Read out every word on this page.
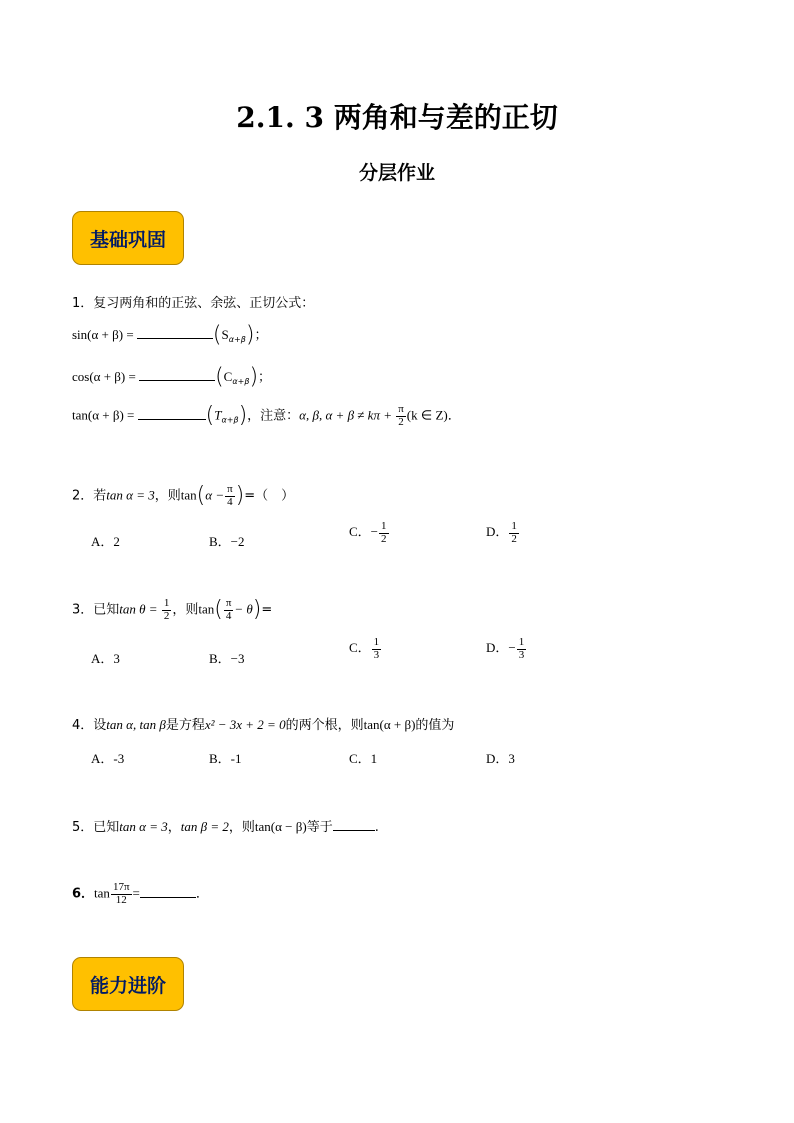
2.1. 3 两角和与差的正切
分层作业
基础巩固
1．复习两角和的正弦、余弦、正切公式：
sin(α + β) =	$(S_{\alpha+\beta})$；
cos(α + β) =	$(C_{\alpha+\beta})$；
tan(α + β) =	$(T_{\alpha+\beta})$，注意：α, β, $\alpha + \beta \ne k\pi + \frac{\pi}{2} (k$ ∈ Z)．
2．若tan α = 3，则$\tan(\alpha - \frac{\pi}{4}$ )=（　）
A．2	B．−2
C．− $\frac{1}{2}$	D． $\frac{1}{2}$
3．已知$\tan \theta = \frac{1}{2}$ ，则$\tan( \frac{\pi}{4} - \theta)=$
A．3	B．−3
C． $\frac{1}{3}$	D．− $\frac{1}{3}$
4．设tan α, tan β是方程x² − 3x + 2 = 0的两个根，则tan(α + β)的值为
A．-3	B．-1	C．1	D．3
5．已知tan α = 3，tan β = 2，则tan(α − β)等于	.
6．$\tan \frac{17\pi}{12}$ =	．
能力进阶
